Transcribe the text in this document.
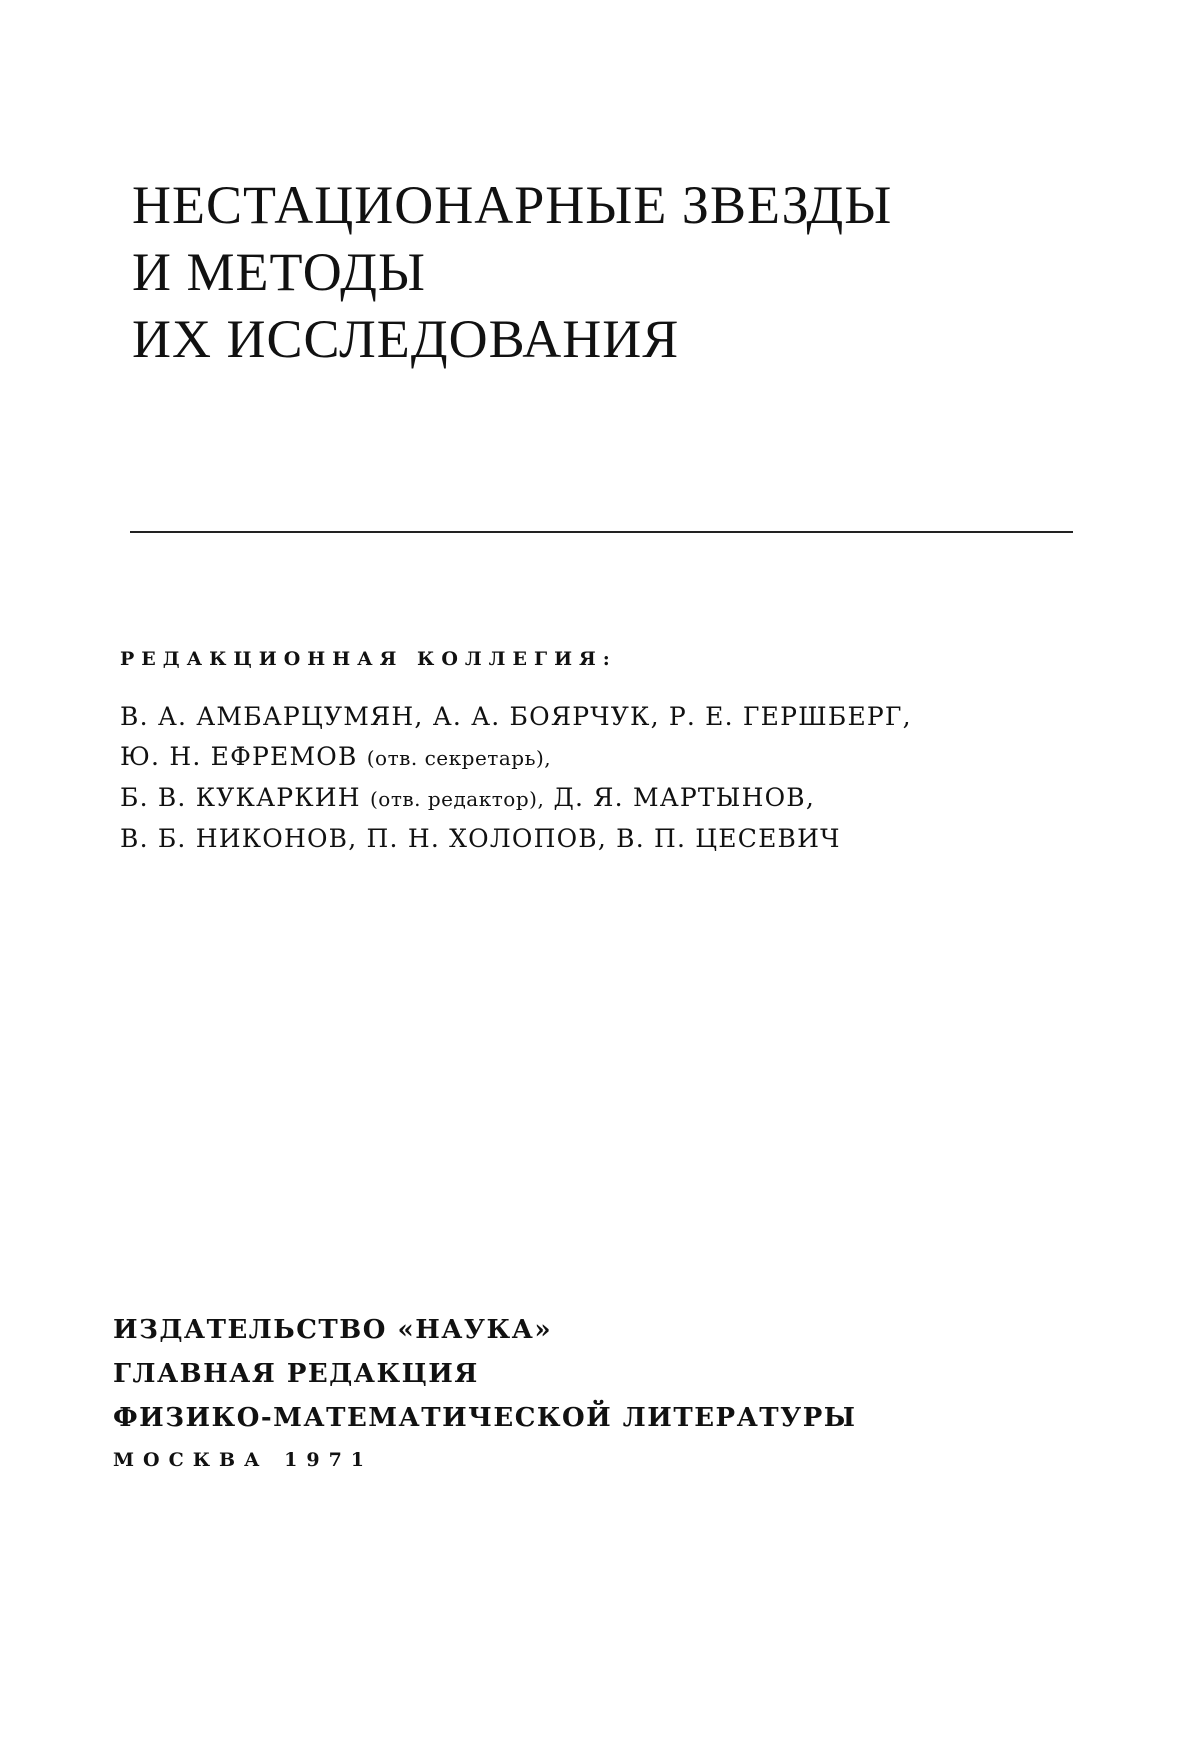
НЕСТАЦИОНАРНЫЕ ЗВЕЗДЫ
И МЕТОДЫ
ИХ ИССЛЕДОВАНИЯ
РЕДАКЦИОННАЯ КОЛЛЕГИЯ:
В. А. АМБАРЦУМЯН, А. А. БОЯРЧУК, Р. Е. ГЕРШБЕРГ,
Ю. Н. ЕФРЕМОВ (отв. секретарь),
Б. В. КУКАРКИН (отв. редактор), Д. Я. МАРТЫНОВ,
В. Б. НИКОНОВ, П. Н. ХОЛОПОВ, В. П. ЦЕСЕВИЧ
ИЗДАТЕЛЬСТВО «НАУКА»
ГЛАВНАЯ РЕДАКЦИЯ
ФИЗИКО-МАТЕМАТИЧЕСКОЙ ЛИТЕРАТУРЫ
МОСКВА 1971
